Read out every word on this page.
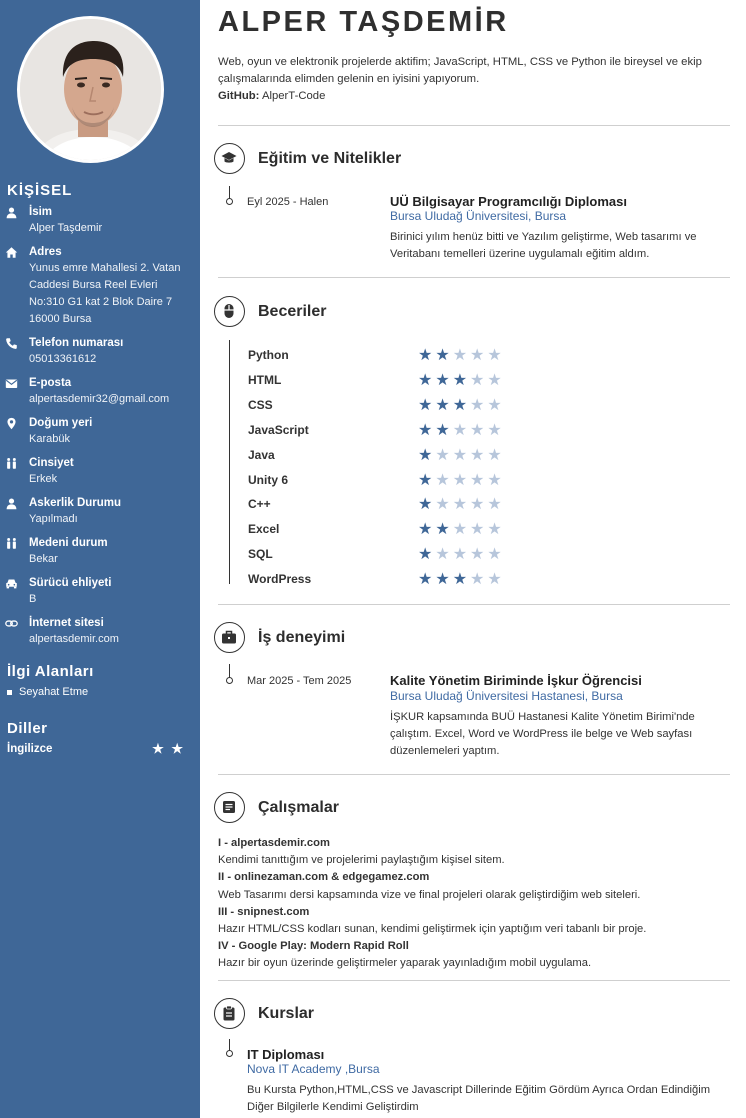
KİŞİSEL
İsim
Alper Taşdemir
Adres
Yunus emre Mahallesi 2. Vatan Caddesi Bursa Reel Evleri No:310 G1 kat 2 Blok Daire 7 16000 Bursa
Telefon numarası
05013361612
E-posta
alpertasdemir32@gmail.com
Doğum yeri
Karabük
Cinsiyet
Erkek
Askerlik Durumu
Yapılmadı
Medeni durum
Bekar
Sürücü ehliyeti
B
İnternet sitesi
alpertasdemir.com
İlgi Alanları
Seyahat Etme
Diller
İngilizce	★ ★
ALPER TAŞDEMİR
Web, oyun ve elektronik projelerde aktifim; JavaScript, HTML, CSS ve Python ile bireysel ve ekip çalışmalarında elimden gelenin en iyisini yapıyorum.
GitHub: AlperT-Code
Eğitim ve Nitelikler
Eyl 2025 - Halen	UÜ Bilgisayar Programcılığı Diploması
Bursa Uludağ Üniversitesi, Bursa
Birinici yılım henüz bitti ve Yazılım geliştirme, Web tasarımı ve Veritabanı temelleri üzerine uygulamalı eğitim aldım.
Beceriler
Python	★★★★★
HTML	★★★★★
CSS	★★★★★
JavaScript	★★★★★
Java	★★★★★
Unity 6	★★★★★
C++	★★★★★
Excel	★★★★★
SQL	★★★★★
WordPress	★★★★★
İş deneyimi
Mar 2025 - Tem 2025	Kalite Yönetim Biriminde İşkur Öğrencisi
Bursa Uludağ Üniversitesi Hastanesi, Bursa
İŞKUR kapsamında BUÜ Hastanesi Kalite Yönetim Birimi'nde çalıştım. Excel, Word ve WordPress ile belge ve Web sayfası düzenlemeleri yaptım.
Çalışmalar
I - alpertasdemir.com
Kendimi tanıttığım ve projelerimi paylaştığım kişisel sitem.
II - onlinezaman.com & edgegamez.com
Web Tasarımı dersi kapsamında vize ve final projeleri olarak geliştirdiğim web siteleri.
III - snipnest.com
Hazır HTML/CSS kodları sunan, kendimi geliştirmek için yaptığım veri tabanlı bir proje.
IV - Google Play: Modern Rapid Roll
Hazır bir oyun üzerinde geliştirmeler yaparak yayınladığım mobil uygulama.
Kurslar
IT Diploması
Nova IT Academy ,Bursa
Bu Kursta Python,HTML,CSS ve Javascript Dillerinde Eğitim Gördüm Ayrıca Ordan Edindiğim Diğer Bilgilerle Kendimi Geliştirdim
